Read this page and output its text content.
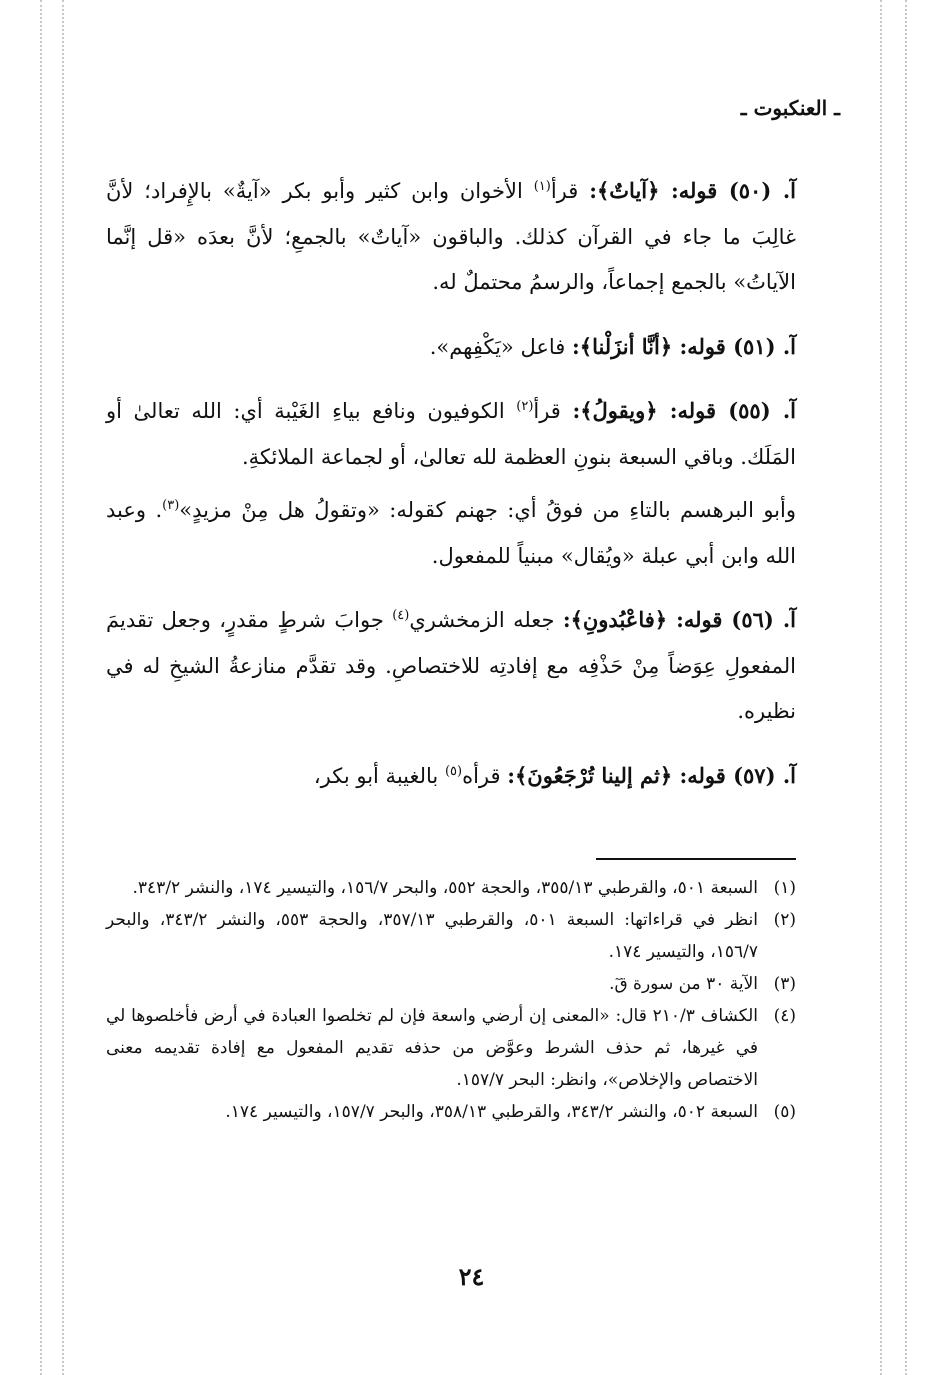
ـ العنكبوت ـ

آ. (٥٠) قوله: ﴿آياتٌ﴾: قرأ$^{(١)}$ الأخوان وابن كثير وأبو بكر «آيةٌ» بالإِفراد؛ لأنَّ غالِبَ ما جاء في القرآن كذلك. والباقون «آياتٌ» بالجمعِ؛ لأنَّ بعدَه «قل إنَّما الآياتُ» بالجمع إجماعاً، والرسمُ محتملٌ له.

آ. (٥١) قوله: ﴿أنَّا أنزَلْنا﴾: فاعل «يَكْفِهم».

آ. (٥٥) قوله: ﴿ويقولُ﴾: قرأ$^{(٢)}$ الكوفيون ونافع بياءِ الغَيْبة أي: الله تعالىٰ أو المَلَك. وباقي السبعة بنونِ العظمة لله تعالىٰ، أو لجماعة الملائكةِ.

وأبو البرهسم بالتاءِ من فوقُ أي: جهنم كقوله: «وتقولُ هل مِنْ مزيدٍ»$^{(٣)}$. وعبد الله وابن أبي عبلة «ويُقال» مبنياً للمفعول.

آ. (٥٦) قوله: ﴿فاعْبُدونِ﴾: جعله الزمخشري$^{(٤)}$ جوابَ شرطٍ مقدرٍ، وجعل تقديمَ المفعولِ عِوَضاً مِنْ حَذْفِه مع إفادتِه للاختصاصِ. وقد تقدَّم منازعةُ الشيخِ له في نظيره.

آ. (٥٧) قوله: ﴿ثم إلينا تُرْجَعُونَ﴾: قرأه$^{(٥)}$ بالغيبة أبو بكر،

(١)
السبعة ٥٠١، والقرطبي ٣٥٥/١٣، والحجة ٥٥٢، والبحر ١٥٦/٧، والتيسير ١٧٤، والنشر ٣٤٣/٢.
(٢)
انظر في قراءاتها: السبعة ٥٠١، والقرطبي ٣٥٧/١٣، والحجة ٥٥٣، والنشر ٣٤٣/٢، والبحر ١٥٦/٧، والتيسير ١٧٤.
(٣)
الآية ٣٠ من سورة قٓ.
(٤)
الكشاف ٢١٠/٣ قال: «المعنى إن أرضي واسعة فإن لم تخلصوا العبادة في أرض فأخلصوها لي في غيرها، ثم حذف الشرط وعوَّض من حذفه تقديم المفعول مع إفادة تقديمه معنى الاختصاص والإخلاص»، وانظر: البحر ١٥٧/٧.
(٥)
السبعة ٥٠٢، والنشر ٣٤٣/٢، والقرطبي ٣٥٨/١٣، والبحر ١٥٧/٧، والتيسير ١٧٤.
٢٤
